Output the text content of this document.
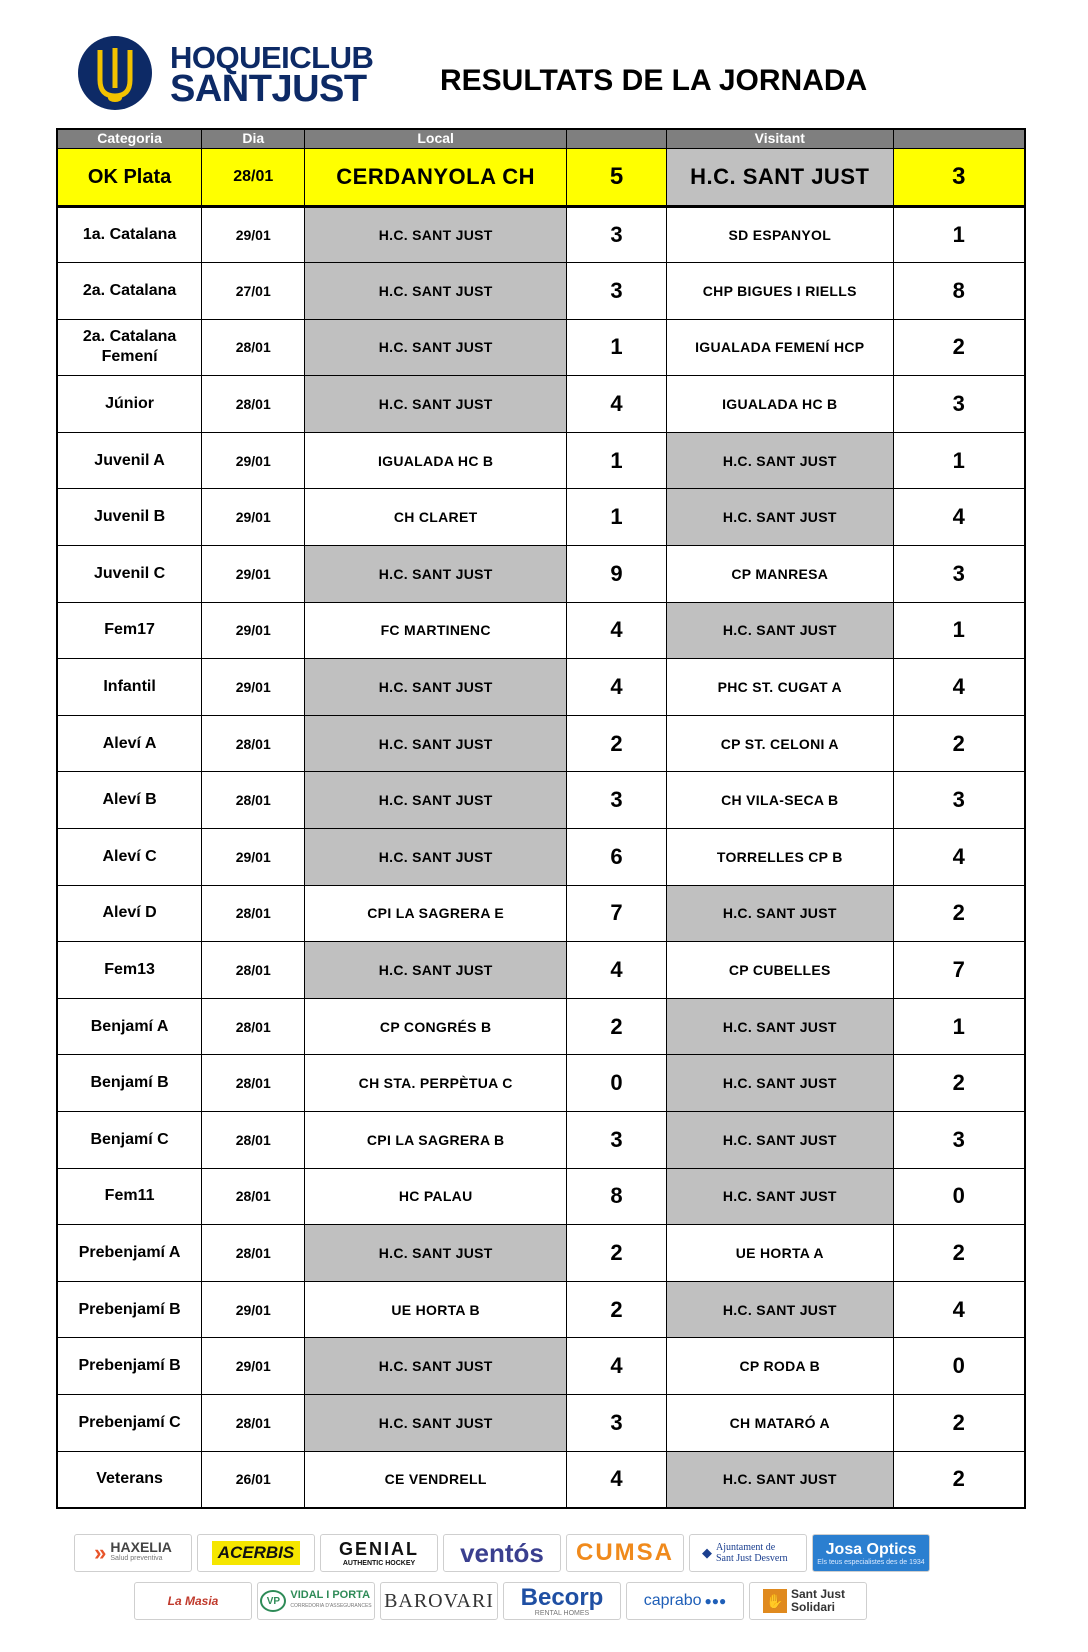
HOQUEICLUB
SANTJUST RESULTATS DE LA JORNADA
Categoria	Dia	Local		Visitant	
OK Plata	28/01	CERDANYOLA CH	5	H.C. SANT JUST	3
1a. Catalana	29/01	H.C. SANT JUST	3	SD ESPANYOL	1
2a. Catalana	27/01	H.C. SANT JUST	3	CHP BIGUES I RIELLS	8
2a. Catalana Femení	28/01	H.C. SANT JUST	1	IGUALADA FEMENÍ HCP	2
Júnior	28/01	H.C. SANT JUST	4	IGUALADA HC B	3
Juvenil A	29/01	IGUALADA HC B	1	H.C. SANT JUST	1
Juvenil B	29/01	CH CLARET	1	H.C. SANT JUST	4
Juvenil C	29/01	H.C. SANT JUST	9	CP MANRESA	3
Fem17	29/01	FC MARTINENC	4	H.C. SANT JUST	1
Infantil	29/01	H.C. SANT JUST	4	PHC ST. CUGAT A	4
Aleví A	28/01	H.C. SANT JUST	2	CP ST. CELONI A	2
Aleví B	28/01	H.C. SANT JUST	3	CH VILA-SECA B	3
Aleví C	29/01	H.C. SANT JUST	6	TORRELLES CP B	4
Aleví D	28/01	CPI LA SAGRERA E	7	H.C. SANT JUST	2
Fem13	28/01	H.C. SANT JUST	4	CP CUBELLES	7
Benjamí A	28/01	CP CONGRÉS B	2	H.C. SANT JUST	1
Benjamí B	28/01	CH STA. PERPÈTUA C	0	H.C. SANT JUST	2
Benjamí C	28/01	CPI LA SAGRERA B	3	H.C. SANT JUST	3
Fem11	28/01	HC PALAU	8	H.C. SANT JUST	0
Prebenjamí A	28/01	H.C. SANT JUST	2	UE HORTA A	2
Prebenjamí B	29/01	UE HORTA B	2	H.C. SANT JUST	4
Prebenjamí B	29/01	H.C. SANT JUST	4	CP RODA B	0
Prebenjamí C	28/01	H.C. SANT JUST	3	CH MATARÓ A	2
Veterans	26/01	CE VENDRELL	4	H.C. SANT JUST	2
» HAXELIA
Salud preventiva	ACERBIS	GENIAL
AUTHENTIC HOCKEY ventós CUMSA ◆ Ajuntament de Sant Just Desvern
Josa Optics
Els teus especialistes des de 1934
La Masia	VP VIDAL I PORTA
CORREDORIA D'ASSEGURANCES BAROVARI Becorp
RENTAL HOMES
caprabo ●●●	✋ Sant Just Solidari
